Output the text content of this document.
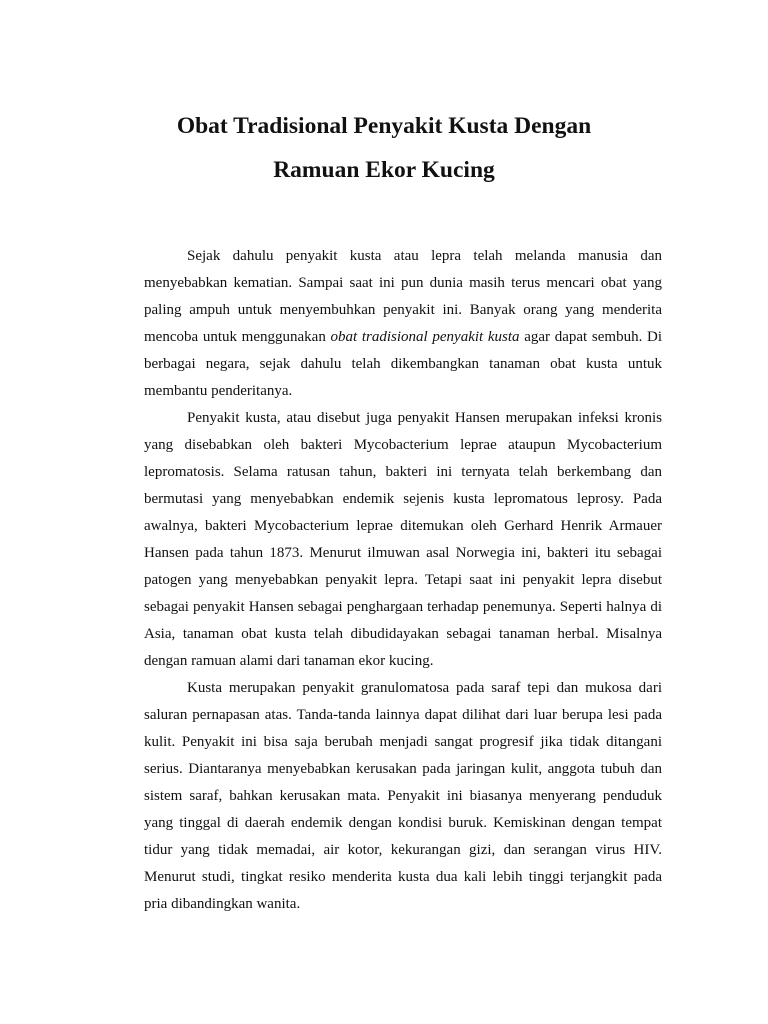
Obat Tradisional Penyakit Kusta Dengan
Ramuan Ekor Kucing

Sejak dahulu penyakit kusta atau lepra telah melanda manusia dan
menyebabkan kematian. Sampai saat ini pun dunia masih terus mencari obat yang
paling ampuh untuk menyembuhkan penyakit ini. Banyak orang yang menderita
mencoba untuk menggunakan obat tradisional penyakit kusta agar dapat sembuh. Di
berbagai negara, sejak dahulu telah dikembangkan tanaman obat kusta untuk
membantu penderitanya.

Penyakit kusta, atau disebut juga penyakit Hansen merupakan infeksi kronis
yang disebabkan oleh bakteri Mycobacterium leprae ataupun Mycobacterium
lepromatosis. Selama ratusan tahun, bakteri ini ternyata telah berkembang dan
bermutasi yang menyebabkan endemik sejenis kusta lepromatous leprosy. Pada
awalnya, bakteri Mycobacterium leprae ditemukan oleh Gerhard Henrik Armauer
Hansen pada tahun 1873. Menurut ilmuwan asal Norwegia ini, bakteri itu sebagai
patogen yang menyebabkan penyakit lepra. Tetapi saat ini penyakit lepra disebut
sebagai penyakit Hansen sebagai penghargaan terhadap penemunya. Seperti halnya di
Asia, tanaman obat kusta telah dibudidayakan sebagai tanaman herbal. Misalnya
dengan ramuan alami dari tanaman ekor kucing.

Kusta merupakan penyakit granulomatosa pada saraf tepi dan mukosa dari
saluran pernapasan atas. Tanda-tanda lainnya dapat dilihat dari luar berupa lesi pada
kulit. Penyakit ini bisa saja berubah menjadi sangat progresif jika tidak ditangani
serius. Diantaranya menyebabkan kerusakan pada jaringan kulit, anggota tubuh dan
sistem saraf, bahkan kerusakan mata. Penyakit ini biasanya menyerang penduduk
yang tinggal di daerah endemik dengan kondisi buruk. Kemiskinan dengan tempat
tidur yang tidak memadai, air kotor, kekurangan gizi, dan serangan virus HIV.
Menurut studi, tingkat resiko menderita kusta dua kali lebih tinggi terjangkit pada
pria dibandingkan wanita.
